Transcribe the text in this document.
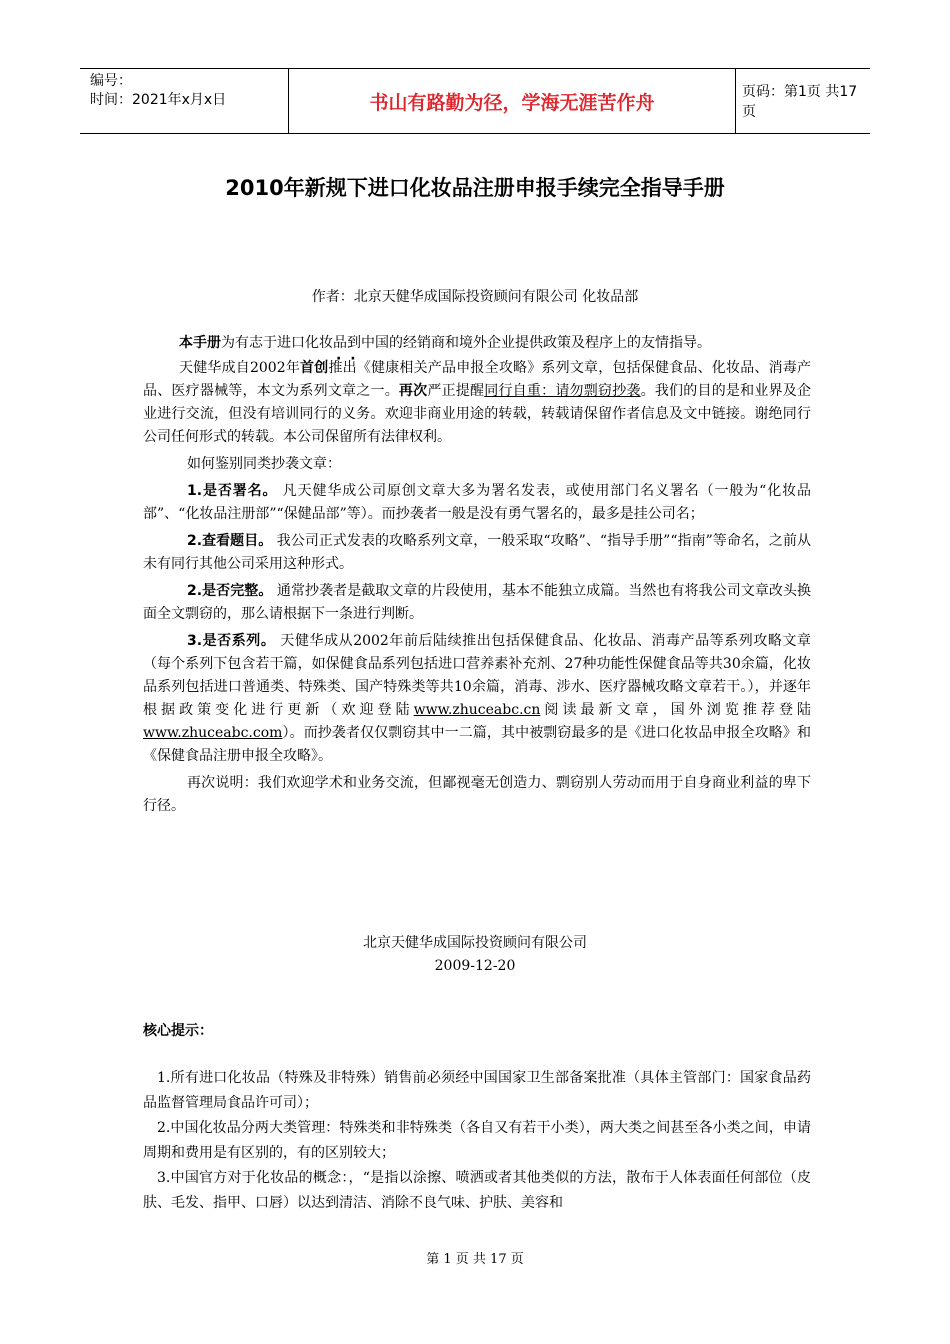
编号：
时间：2021年x月x日	书山有路勤为径，学海无涯苦作舟	页码：第1页 共17页
2010年新规下进口化妆品注册申报手续完全指导手册
作者：北京天健华成国际投资顾问有限公司 化妆品部

本手册为有志于进口化妆品到中国的经销商和境外企业提供政策及程序上的友情指导。

天健华成自2002年首创推出《健康相关产品申报全攻略》系列文章，包括保健食品、化妆品、消毒产品、医疗器械等，本文为系列文章之一。再次严正提醒同行自重：请勿剽窃抄袭。我们的目的是和业界及企业进行交流，但没有培训同行的义务。欢迎非商业用途的转载，转载请保留作者信息及文中链接。谢绝同行公司任何形式的转载。本公司保留所有法律权利。

如何鉴别同类抄袭文章：

1.是否署名。 凡天健华成公司原创文章大多为署名发表，或使用部门名义署名（一般为“化妆品部”、“化妆品注册部”“保健品部”等）。而抄袭者一般是没有勇气署名的，最多是挂公司名；

2.查看题目。 我公司正式发表的攻略系列文章，一般采取“攻略”、“指导手册”“指南”等命名，之前从未有同行其他公司采用这种形式。

2.是否完整。 通常抄袭者是截取文章的片段使用，基本不能独立成篇。当然也有将我公司文章改头换面全文剽窃的，那么请根据下一条进行判断。

3.是否系列。 天健华成从2002年前后陆续推出包括保健食品、化妆品、消毒产品等系列攻略文章（每个系列下包含若干篇，如保健食品系列包括进口营养素补充剂、27种功能性保健食品等共30余篇，化妆品系列包括进口普通类、特殊类、国产特殊类等共10余篇，消毒、涉水、医疗器械攻略文章若干。），并逐年根据政策变化进行更新（欢迎登陆www.zhuceabc.cn阅读最新文章，国外浏览推荐登陆www.zhuceabc.com）。而抄袭者仅仅剽窃其中一二篇，其中被剽窃最多的是《进口化妆品申报全攻略》和《保健食品注册申报全攻略》。

再次说明：我们欢迎学术和业务交流，但鄙视毫无创造力、剽窃别人劳动而用于自身商业利益的卑下行径。

北京天健华成国际投资顾问有限公司
2009-12-20
核心提示：

1.所有进口化妆品（特殊及非特殊）销售前必须经中国国家卫生部备案批准（具体主管部门：国家食品药品监督管理局食品许可司）；

2.中国化妆品分两大类管理：特殊类和非特殊类（各自又有若干小类），两大类之间甚至各小类之间，申请周期和费用是有区别的，有的区别较大；

3.中国官方对于化妆品的概念：，“是指以涂擦、喷洒或者其他类似的方法，散布于人体表面任何部位（皮肤、毛发、指甲、口唇）以达到清洁、消除不良气味、护肤、美容和

第 1 页 共 17 页
